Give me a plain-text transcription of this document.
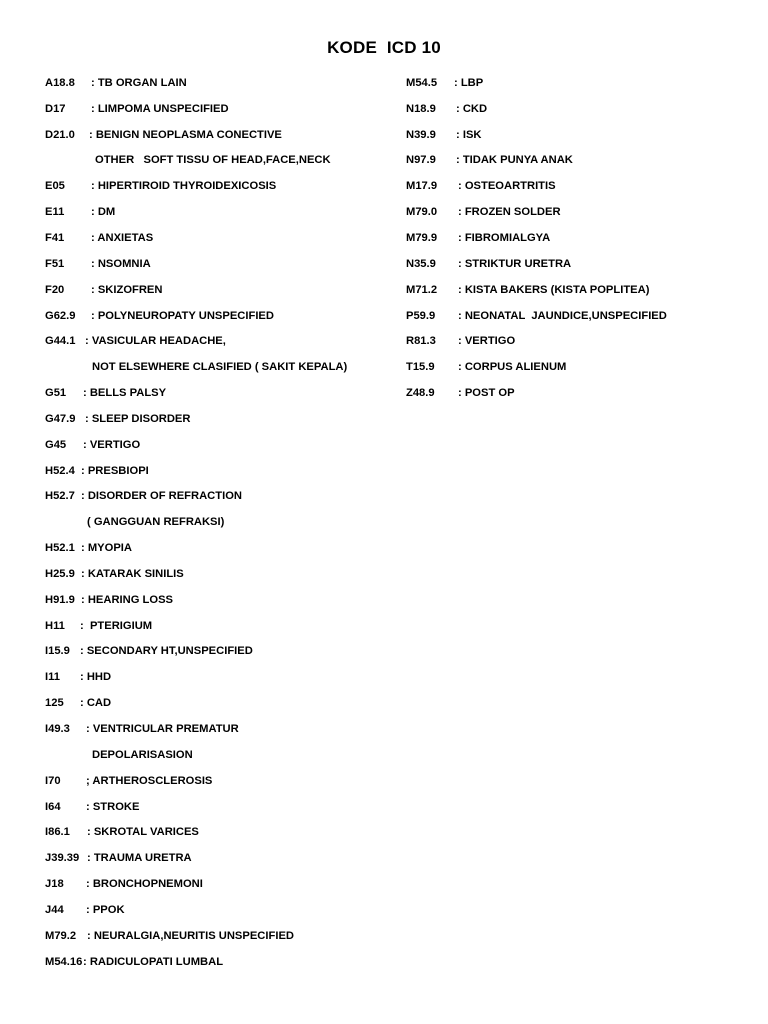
KODE  ICD 10
A18.8	: TB ORGAN LAIN
D17	: LIMPOMA UNSPECIFIED
D21.0	: BENIGN NEOPLASMA CONECTIVE
OTHER   SOFT TISSU OF HEAD,FACE,NECK
E05	: HIPERTIROID THYROIDEXICOSIS
E11	: DM
F41	: ANXIETAS
F51	: NSOMNIA
F20	: SKIZOFREN
G62.9	: POLYNEUROPATY UNSPECIFIED
G44.1 : VASICULAR HEADACHE,
NOT ELSEWHERE CLASIFIED ( SAKIT KEPALA)
G51	: BELLS PALSY
G47.9 : SLEEP DISORDER
G45	: VERTIGO
H52.4 : PRESBIOPI
H52.7 : DISORDER OF REFRACTION
( GANGGUAN REFRAKSI)
H52.1 : MYOPIA
H25.9 : KATARAK SINILIS
H91.9 : HEARING LOSS
H11	:  PTERIGIUM
I15.9 : SECONDARY HT,UNSPECIFIED
I11	: HHD
125	: CAD
I49.3	: VENTRICULAR PREMATUR
DEPOLARISASION
I70	; ARTHEROSCLEROSIS
I64	: STROKE
I86.1	: SKROTAL VARICES
J39.39 : TRAUMA URETRA
J18	: BRONCHOPNEMONI
J44	: PPOK
M79.2 : NEURALGIA,NEURITIS UNSPECIFIED
M54.16 : RADICULOPATI LUMBAL
M54.5	: LBP
N18.9	: CKD
N39.9	: ISK
N97.9	: TIDAK PUNYA ANAK
M17.9	: OSTEOARTRITIS
M79.0	: FROZEN SOLDER
M79.9	: FIBROMIALGYA
N35.9	: STRIKTUR URETRA
M71.2	: KISTA BAKERS (KISTA POPLITEA)
P59.9	: NEONATAL  JAUNDICE,UNSPECIFIED
R81.3	: VERTIGO
T15.9	: CORPUS ALIENUM
Z48.9	: POST OP
